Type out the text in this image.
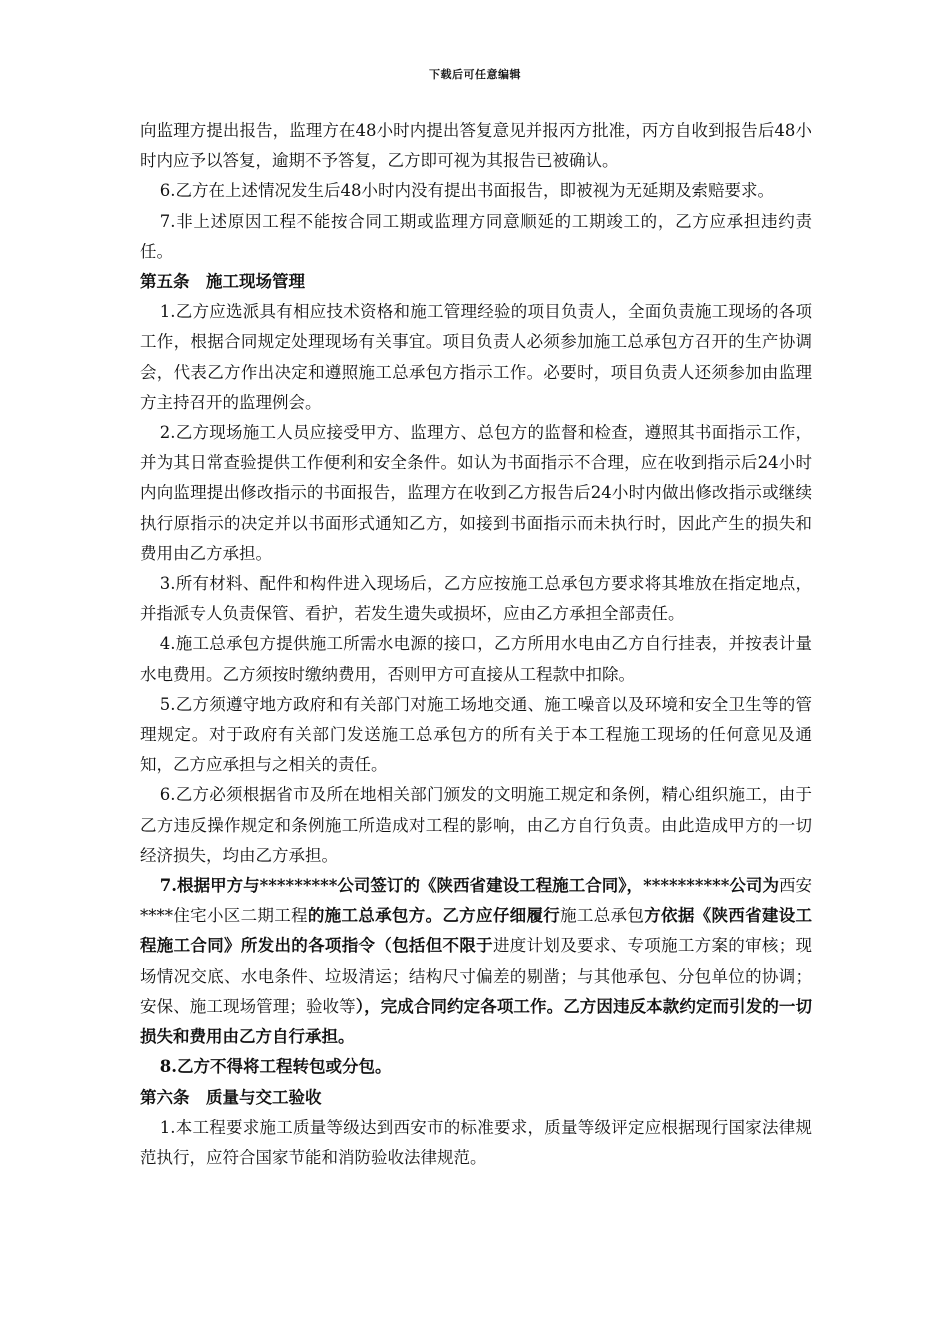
下载后可任意编辑

向监理方提出报告，监理方在48小时内提出答复意见并报丙方批准，丙方自收到报告后48小时内应予以答复，逾期不予答复，乙方即可视为其报告已被确认。

6.乙方在上述情况发生后48小时内没有提出书面报告，即被视为无延期及索赔要求。

7.非上述原因工程不能按合同工期或监理方同意顺延的工期竣工的，乙方应承担违约责任。

第五条 施工现场管理

1.乙方应选派具有相应技术资格和施工管理经验的项目负责人，全面负责施工现场的各项工作，根据合同规定处理现场有关事宜。项目负责人必须参加施工总承包方召开的生产协调会，代表乙方作出决定和遵照施工总承包方指示工作。必要时，项目负责人还须参加由监理方主持召开的监理例会。

2.乙方现场施工人员应接受甲方、监理方、总包方的监督和检查，遵照其书面指示工作，并为其日常查验提供工作便利和安全条件。如认为书面指示不合理，应在收到指示后24小时内向监理提出修改指示的书面报告，监理方在收到乙方报告后24小时内做出修改指示或继续执行原指示的决定并以书面形式通知乙方，如接到书面指示而未执行时，因此产生的损失和费用由乙方承担。

3.所有材料、配件和构件进入现场后，乙方应按施工总承包方要求将其堆放在指定地点，并指派专人负责保管、看护，若发生遗失或损坏，应由乙方承担全部责任。

4.施工总承包方提供施工所需水电源的接口，乙方所用水电由乙方自行挂表，并按表计量水电费用。乙方须按时缴纳费用，否则甲方可直接从工程款中扣除。

5.乙方须遵守地方政府和有关部门对施工场地交通、施工噪音以及环境和安全卫生等的管理规定。对于政府有关部门发送施工总承包方的所有关于本工程施工现场的任何意见及通知，乙方应承担与之相关的责任。

6.乙方必须根据省市及所在地相关部门颁发的文明施工规定和条例，精心组织施工，由于乙方违反操作规定和条例施工所造成对工程的影响，由乙方自行负责。由此造成甲方的一切经济损失，均由乙方承担。

7.根据甲方与*********公司签订的《陕西省建设工程施工合同》，**********公司为西安****住宅小区二期工程的施工总承包方。乙方应仔细履行施工总承包方依据《陕西省建设工程施工合同》所发出的各项指令（包括但不限于进度计划及要求、专项施工方案的审核；现场情况交底、水电条件、垃圾清运；结构尺寸偏差的剔凿；与其他承包、分包单位的协调；安保、施工现场管理；验收等），完成合同约定各项工作。乙方因违反本款约定而引发的一切损失和费用由乙方自行承担。

8.乙方不得将工程转包或分包。

第六条 质量与交工验收

1.本工程要求施工质量等级达到西安市的标准要求，质量等级评定应根据现行国家法律规范执行，应符合国家节能和消防验收法律规范。
